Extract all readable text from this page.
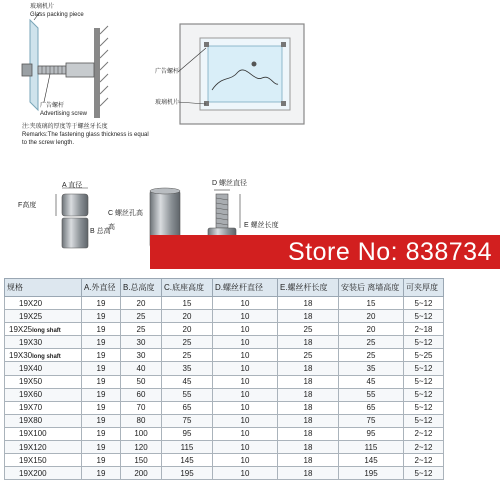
玻璃机片
Glass packing piece
广告螺杆
Advertising screw
注:夹玻璃的厚度等于螺丝牙长度
Remarks:The fastening glass thickness is equal
to the screw length.
广告螺杆
玻璃机片
A 直径
F高度
B 总高
C 螺丝孔高
高
D 螺丝直径
E 螺丝长度
Store No: 838734
规格	A.外直径	B.总高度	C.底座高度	D.螺丝杆直径	E.螺丝杆长度	安装后 离墙高度	可夹厚度
19X20	19	20	15	10	18	15	5~12
19X25	19	25	20	10	18	20	5~12
19X25long shaft	19	25	20	10	25	20	2~18
19X30	19	30	25	10	18	25	5~12
19X30long shaft	19	30	25	10	25	25	5~25
19X40	19	40	35	10	18	35	5~12
19X50	19	50	45	10	18	45	5~12
19X60	19	60	55	10	18	55	5~12
19X70	19	70	65	10	18	65	5~12
19X80	19	80	75	10	18	75	5~12
19X100	19	100	95	10	18	95	2~12
19X120	19	120	115	10	18	115	2~12
19X150	19	150	145	10	18	145	2~12
19X200	19	200	195	10	18	195	5~12
